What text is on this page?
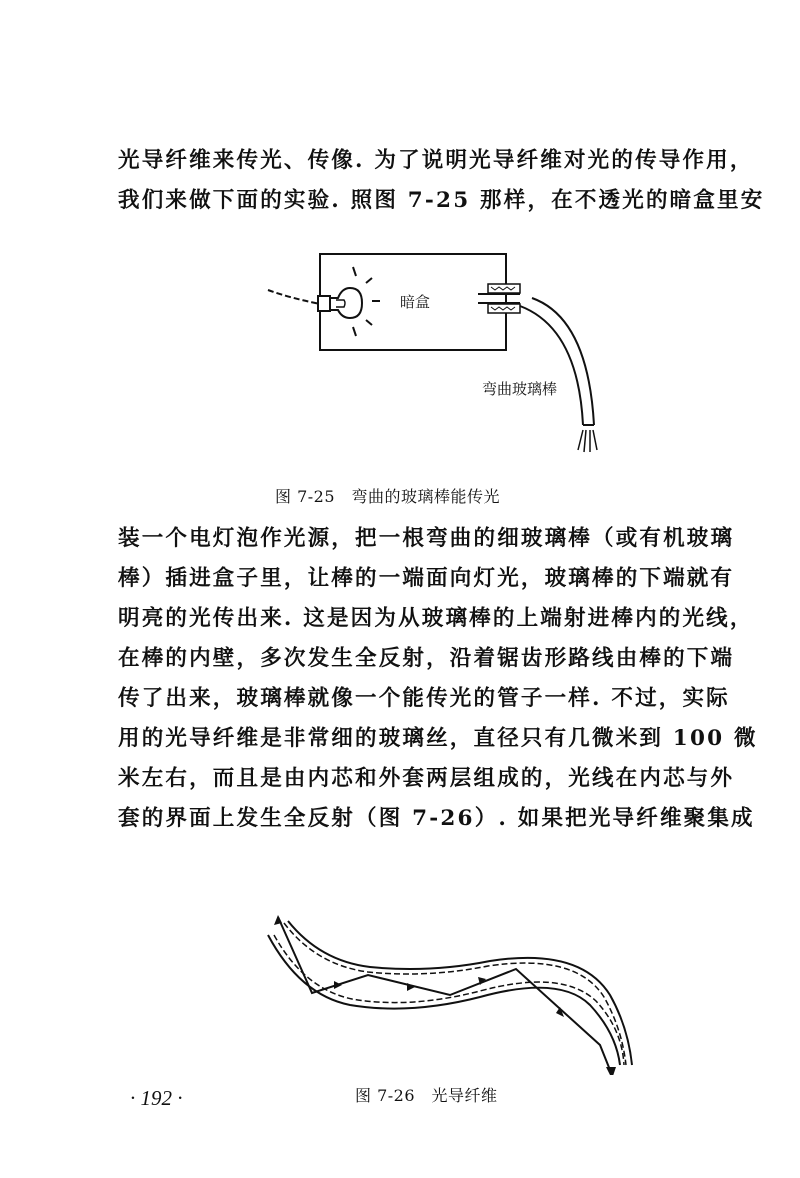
光导纤维来传光、传像. 为了说明光导纤维对光的传导作用，
我们来做下面的实验. 照图 7-25 那样，在不透光的暗盒里安
暗盒
弯曲玻璃棒
图 7-25　弯曲的玻璃棒能传光
装一个电灯泡作光源，把一根弯曲的细玻璃棒（或有机玻璃
棒）插进盒子里，让棒的一端面向灯光，玻璃棒的下端就有
明亮的光传出来. 这是因为从玻璃棒的上端射进棒内的光线，
在棒的内壁，多次发生全反射，沿着锯齿形路线由棒的下端
传了出来，玻璃棒就像一个能传光的管子一样. 不过，实际
用的光导纤维是非常细的玻璃丝，直径只有几微米到 100 微
米左右，而且是由内芯和外套两层组成的，光线在内芯与外
套的界面上发生全反射（图 7-26）. 如果把光导纤维聚集成
图 7-26　光导纤维
· 192 ·
